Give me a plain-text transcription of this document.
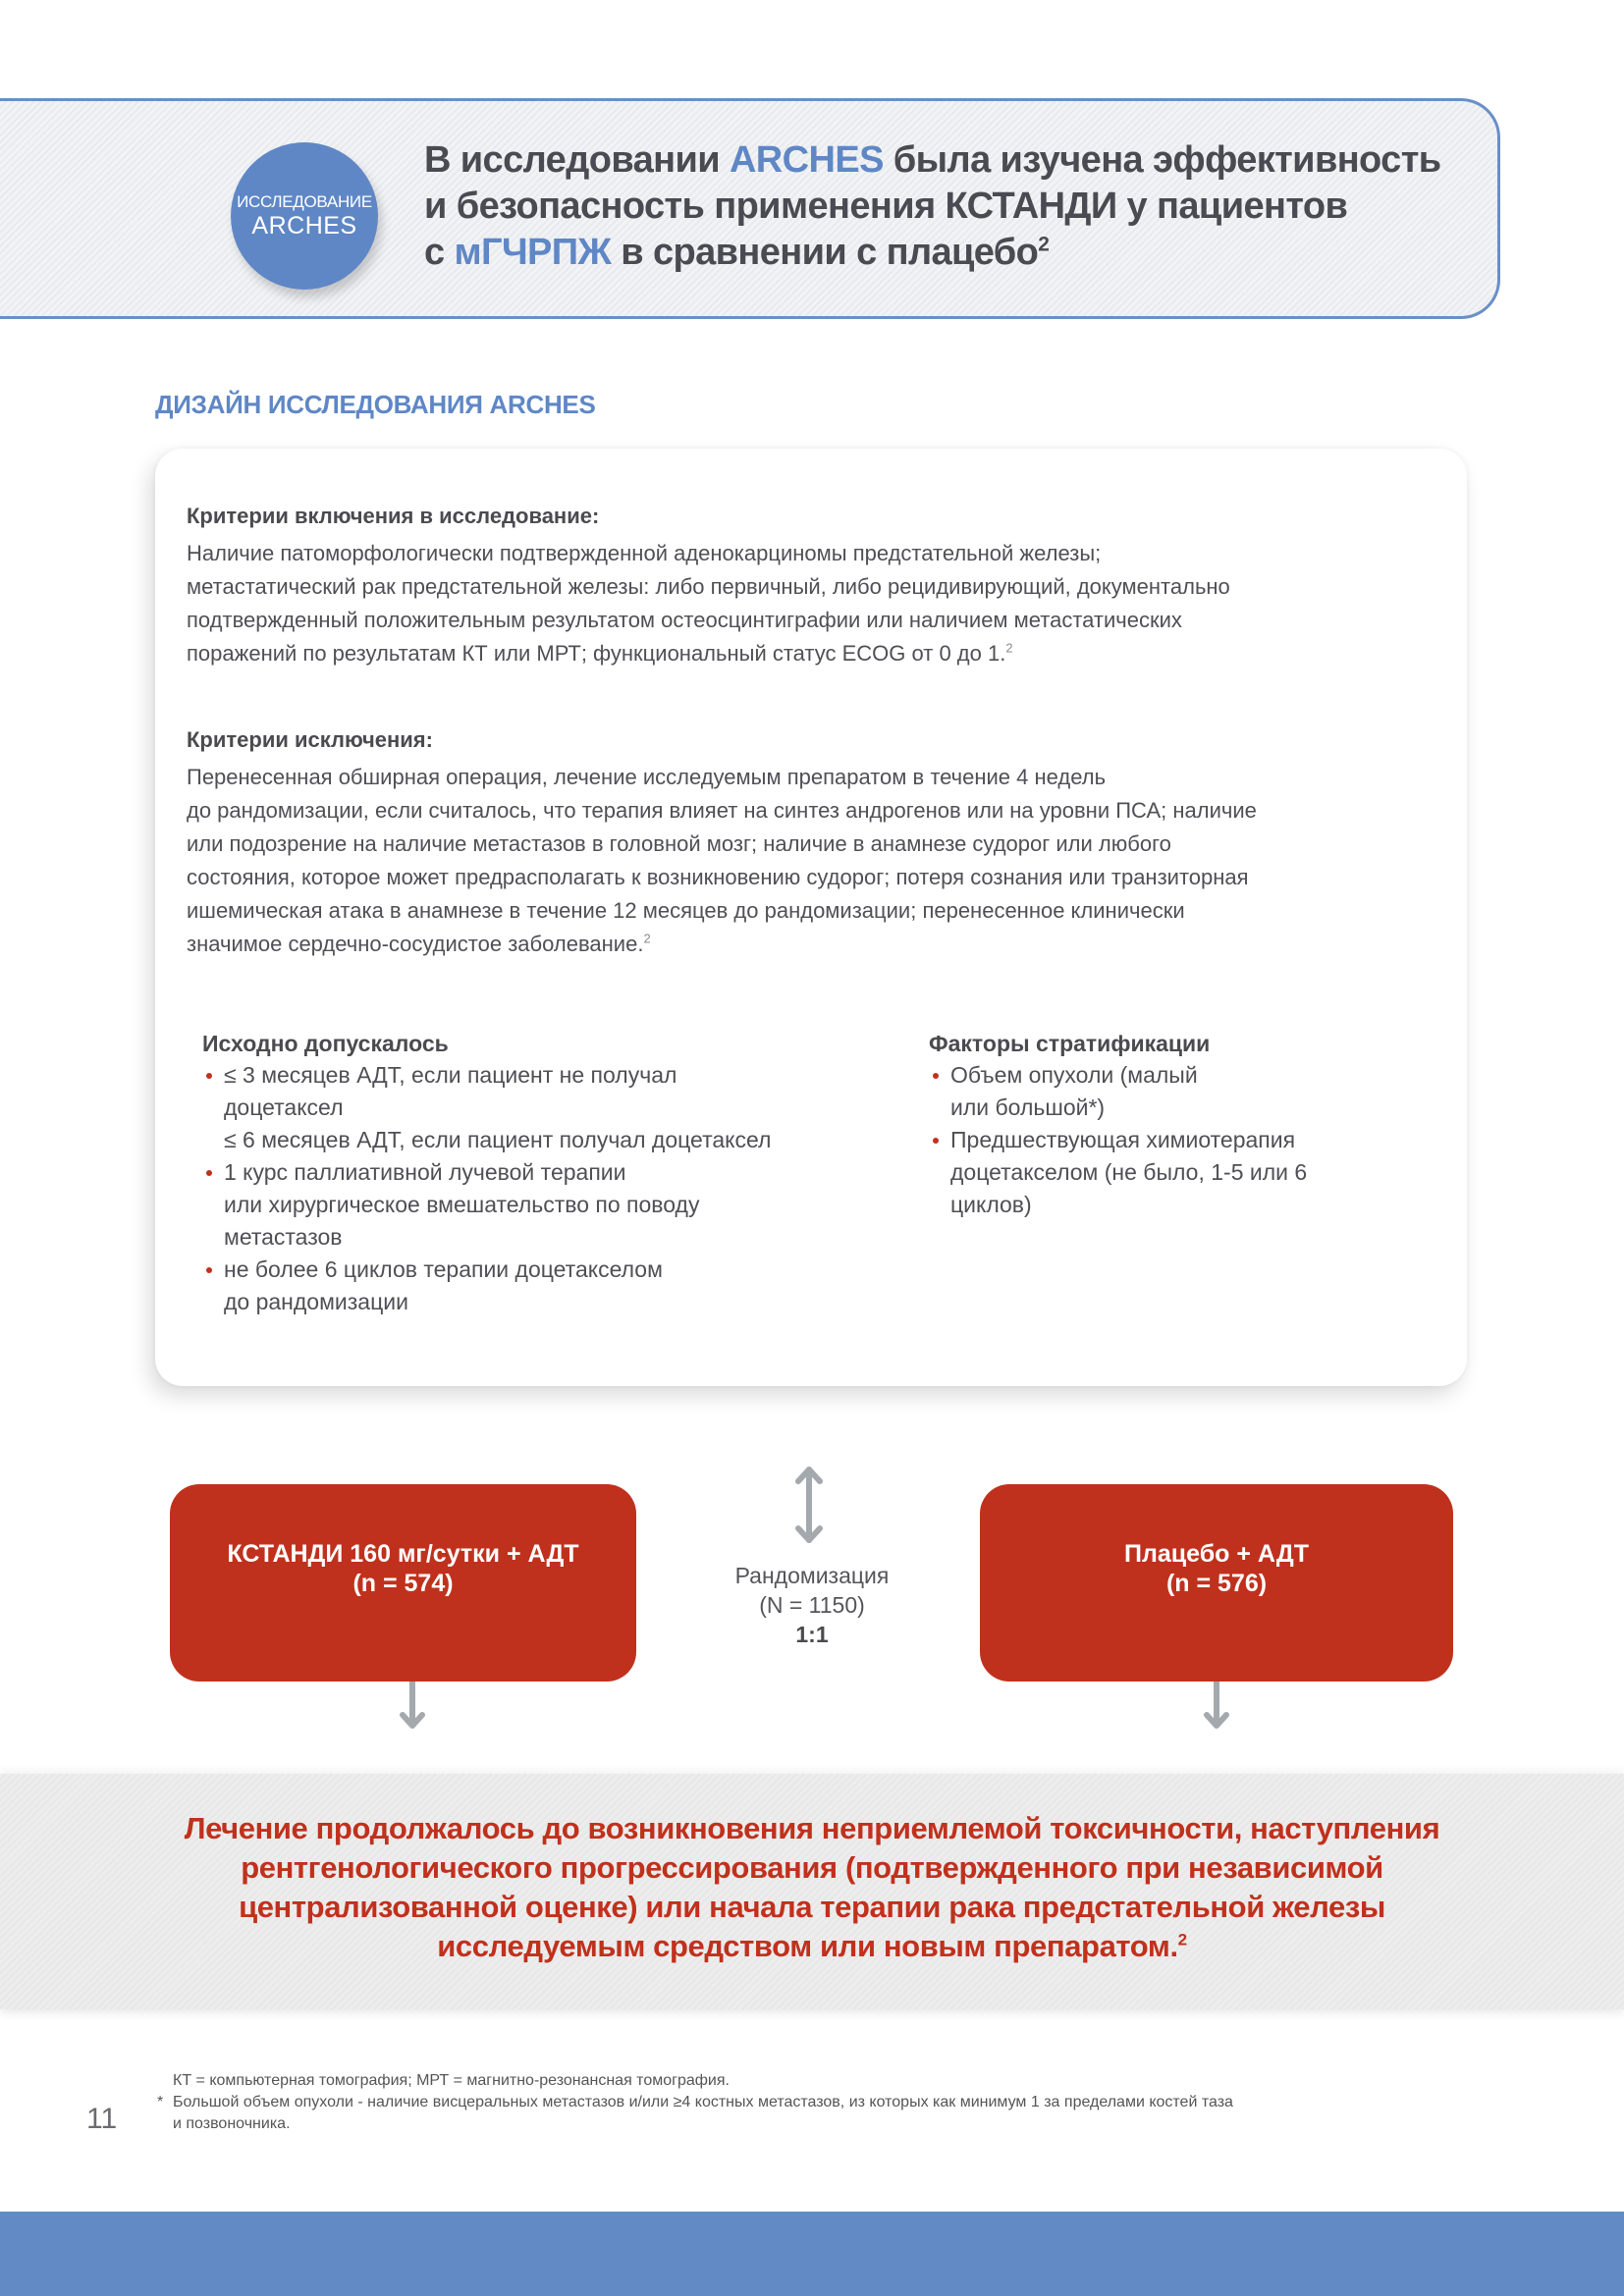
ИССЛЕДОВАНИЕ
ARCHES
В исследовании ARCHES была изучена эффективность
и безопасность применения КСТАНДИ у пациентов
с мГЧРПЖ в сравнении с плацебо$^2$
ДИЗАЙН ИССЛЕДОВАНИЯ ARCHES
Критерии включения в исследование:
Наличие патоморфологически подтвержденной аденокарциномы предстательной железы;
метастатический рак предстательной железы: либо первичный, либо рецидивирующий, документально
подтвержденный положительным результатом остеосцинтиграфии или наличием метастатических
поражений по результатам КТ или МРТ; функциональный статус ECOG от 0 до 1.$^2$
Критерии исключения:
Перенесенная обширная операция, лечение исследуемым препаратом в течение 4 недель
до рандомизации, если считалось, что терапия влияет на синтез андрогенов или на уровни ПСА; наличие
или подозрение на наличие метастазов в головной мозг; наличие в анамнезе судорог или любого
состояния, которое может предрасполагать к возникновению судорог; потеря сознания или транзиторная
ишемическая атака в анамнезе в течение 12 месяцев до рандомизации; перенесенное клинически
значимое сердечно-сосудистое заболевание.$^2$
Исходно допускалось
≤ 3 месяцев АДТ, если пациент не получал
доцетаксел
≤ 6 месяцев АДТ, если пациент получал доцетаксел
1 курс паллиативной лучевой терапии
или хирургическое вмешательство по поводу
метастазов
не более 6 циклов терапии доцетакселом
до рандомизации
Факторы стратификации
Объем опухоли (малый
или большой*)
Предшествующая химиотерапия
доцетакселом (не было, 1-5 или 6
циклов)
КСТАНДИ 160 мг/сутки + АДТ
(n = 574)
Плацебо + АДТ
(n = 576)
Рандомизация
(N = 1150)
1:1
Лечение продолжалось до возникновения неприемлемой токсичности, наступления
рентгенологического прогрессирования (подтвержденного при независимой
централизованной оценке) или начала терапии рака предстательной железы
исследуемым средством или новым препаратом.$^2$
11

КТ = компьютерная томография; МРТ = магнитно-резонансная томография.

* Большой объем опухоли - наличие висцеральных метастазов и/или ≥4 костных метастазов, из которых как минимум 1 за пределами костей таза

и позвоночника.
